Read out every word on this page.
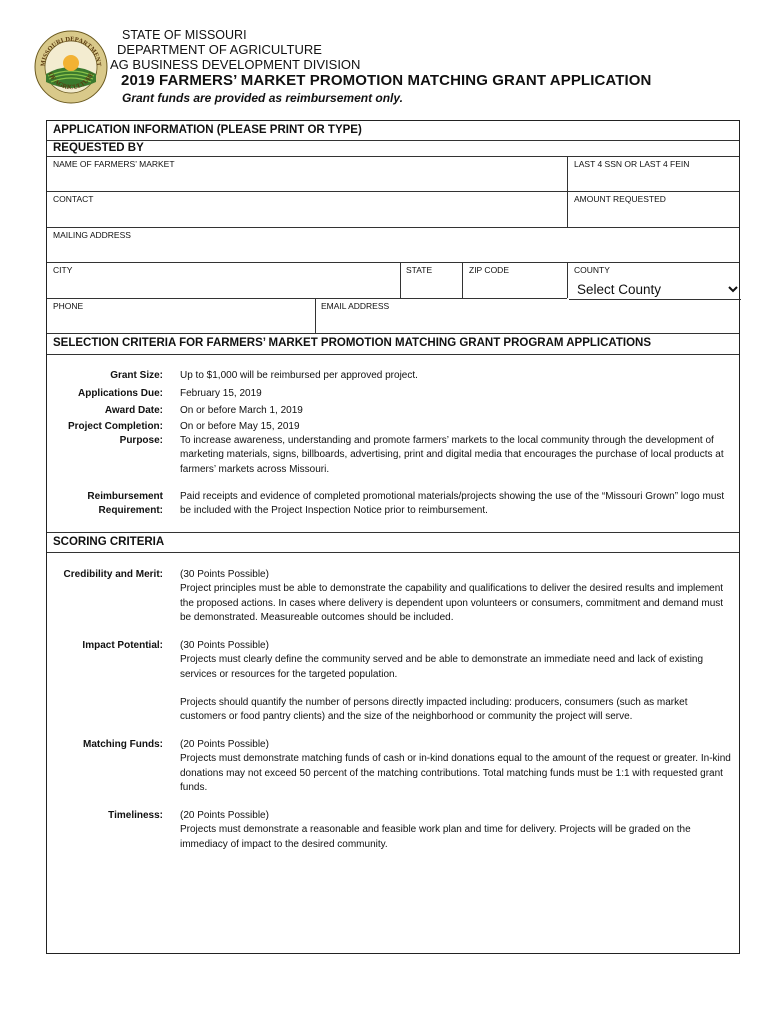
MISSOURI DEPARTMENT
OF AGRICULTURE
STATE OF MISSOURI
DEPARTMENT OF AGRICULTURE
AG BUSINESS DEVELOPMENT DIVISION
2019 FARMERS’ MARKET PROMOTION MATCHING GRANT APPLICATION
Grant funds are provided as reimbursement only.
APPLICATION INFORMATION (PLEASE PRINT OR TYPE)
REQUESTED BY
NAME OF FARMERS’ MARKET	LAST 4 SSN OR LAST 4 FEIN
CONTACT	AMOUNT REQUESTED
MAILING ADDRESS
CITY	STATE	ZIP CODE	COUNTY
Select County
PHONE	EMAIL ADDRESS
SELECTION CRITERIA FOR FARMERS’ MARKET PROMOTION MATCHING GRANT PROGRAM APPLICATIONS
Grant Size: Up to $1,000 will be reimbursed per approved project.
Applications Due: February 15, 2019
Award Date: On or before March 1, 2019
Project Completion: On or before May 15, 2019
Purpose: To increase awareness, understanding and promote farmers’ markets to the local community through the development of marketing materials, signs, billboards, advertising, print and digital media that encourages the purchase of local products at farmers’ markets across Missouri.
Reimbursement
Requirement:
Paid receipts and evidence of completed promotional materials/projects showing the use of the “Missouri Grown” logo must be included with the Project Inspection Notice prior to reimbursement.
SCORING CRITERIA
Credibility and Merit: (30 Points Possible)
Project principles must be able to demonstrate the capability and qualifications to deliver the desired results and implement the proposed actions. In cases where delivery is dependent upon volunteers or consumers, commitment and demand must be demonstrated. Measureable outcomes should be included.
Impact Potential: (30 Points Possible)

Projects must clearly define the community served and be able to demonstrate an immediate need and lack of existing services or resources for the targeted population.

Projects should quantify the number of persons directly impacted including: producers, consumers (such as market customers or food pantry clients) and the size of the neighborhood or community the project will serve.

Matching Funds: (20 Points Possible)
Projects must demonstrate matching funds of cash or in-kind donations equal to the amount of the request or greater. In-kind donations may not exceed 50 percent of the matching contributions. Total matching funds must be 1:1 with requested grant funds.
Timeliness: (20 Points Possible)
Projects must demonstrate a reasonable and feasible work plan and time for delivery. Projects will be graded on the immediacy of impact to the desired community.
